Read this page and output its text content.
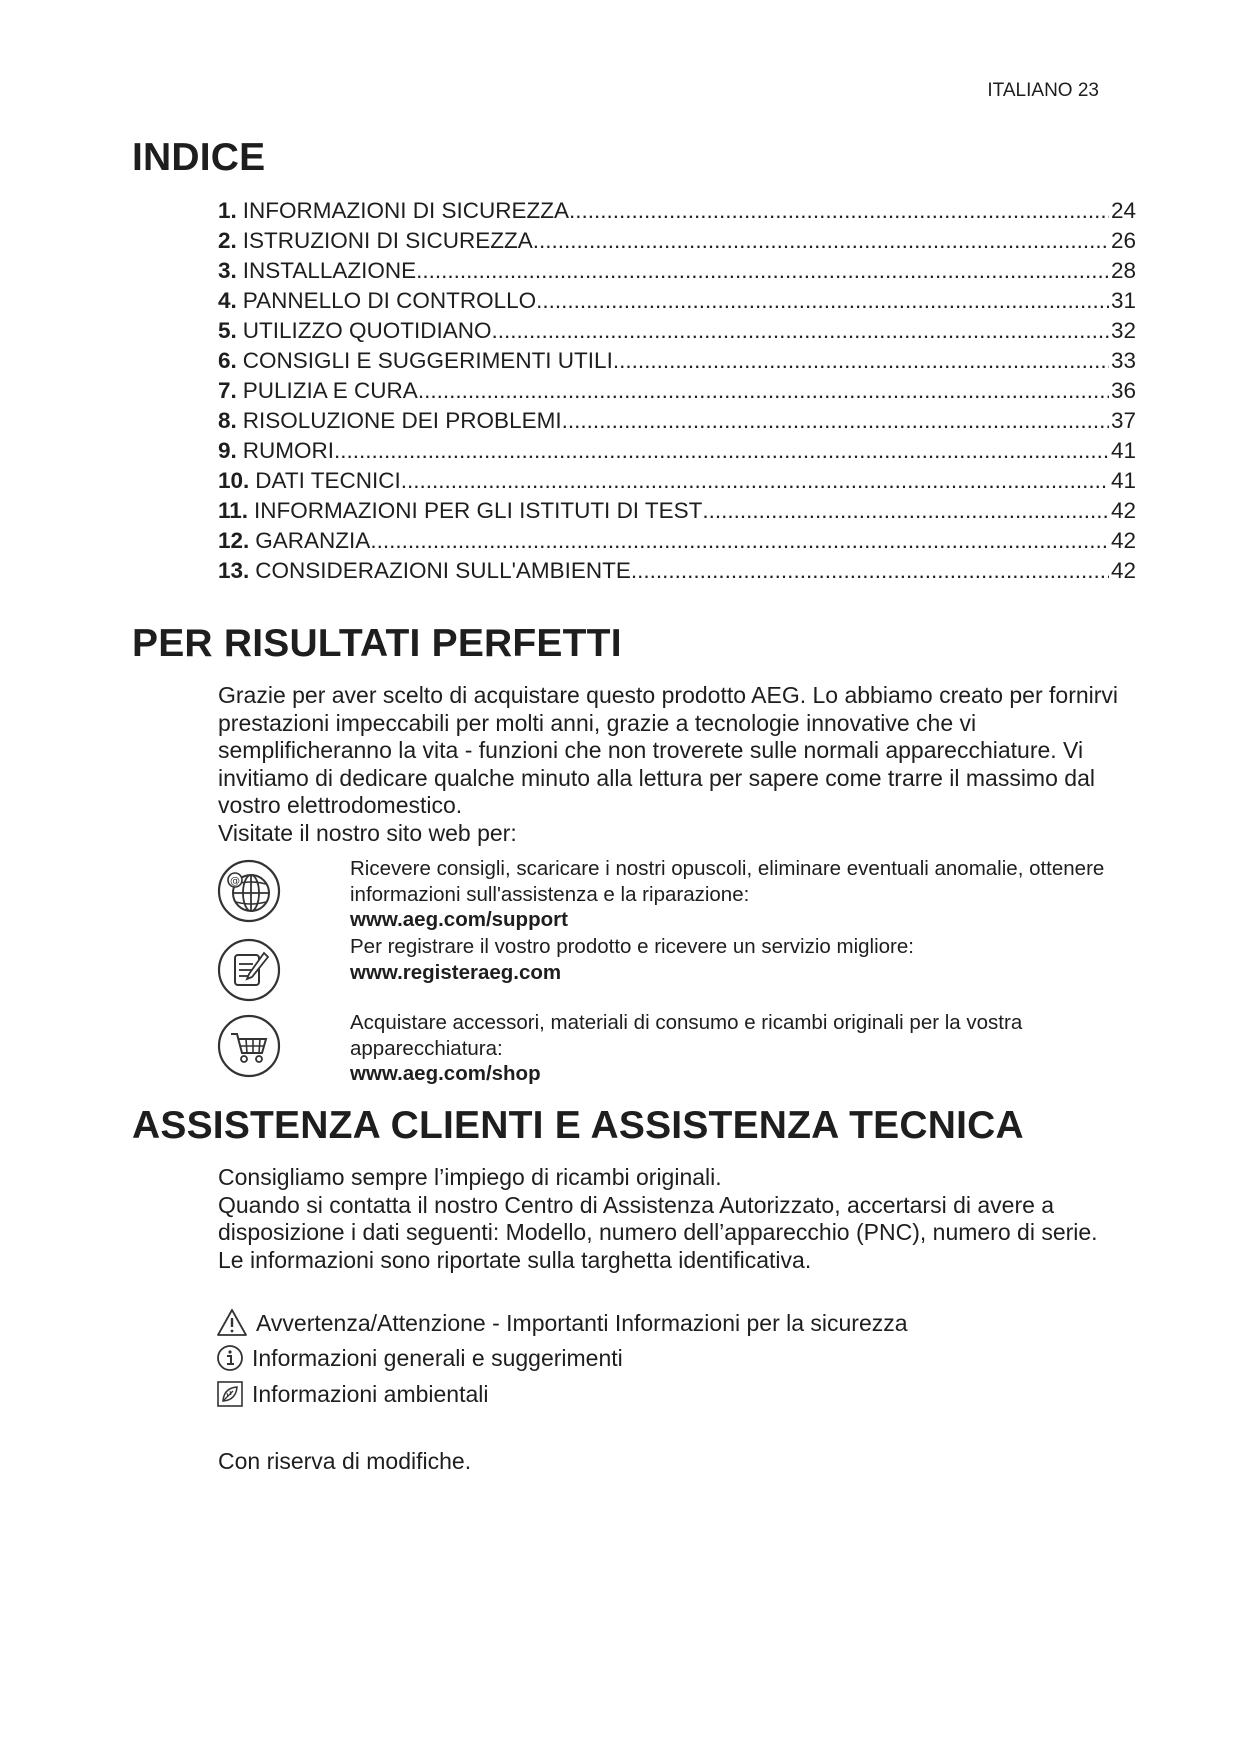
ITALIANO 23
INDICE
1. INFORMAZIONI DI SICUREZZA .....	24
2. ISTRUZIONI DI SICUREZZA .....	26
3. INSTALLAZIONE .....	28
4. PANNELLO DI CONTROLLO .....	31
5. UTILIZZO QUOTIDIANO .....	32
6. CONSIGLI E SUGGERIMENTI UTILI .....	33
7. PULIZIA E CURA .....	36
8. RISOLUZIONE DEI PROBLEMI .....	37
9. RUMORI .....	41
10. DATI TECNICI .....	41
11. INFORMAZIONI PER GLI ISTITUTI DI TEST .....	42
12. GARANZIA .....	42
13. CONSIDERAZIONI SULL'AMBIENTE .....	42
PER RISULTATI PERFETTI
Grazie per aver scelto di acquistare questo prodotto AEG. Lo abbiamo creato per fornirvi prestazioni impeccabili per molti anni, grazie a tecnologie innovative che vi semplificheranno la vita - funzioni che non troverete sulle normali apparecchiature. Vi invitiamo di dedicare qualche minuto alla lettura per sapere come trarre il massimo dal vostro elettrodomestico.
Visitate il nostro sito web per:
@
Ricevere consigli, scaricare i nostri opuscoli, eliminare eventuali anomalie, ottenere informazioni sull'assistenza e la riparazione:
www.aeg.com/support
Per registrare il vostro prodotto e ricevere un servizio migliore:
www.registeraeg.com
Acquistare accessori, materiali di consumo e ricambi originali per la vostra apparecchiatura:
www.aeg.com/shop
ASSISTENZA CLIENTI E ASSISTENZA TECNICA
Consigliamo sempre l’impiego di ricambi originali.
Quando si contatta il nostro Centro di Assistenza Autorizzato, accertarsi di avere a disposizione i dati seguenti: Modello, numero dell’apparecchio (PNC), numero di serie.
Le informazioni sono riportate sulla targhetta identificativa.
Avvertenza/Attenzione - Importanti Informazioni per la sicurezza
Informazioni generali e suggerimenti
Informazioni ambientali
Con riserva di modifiche.
